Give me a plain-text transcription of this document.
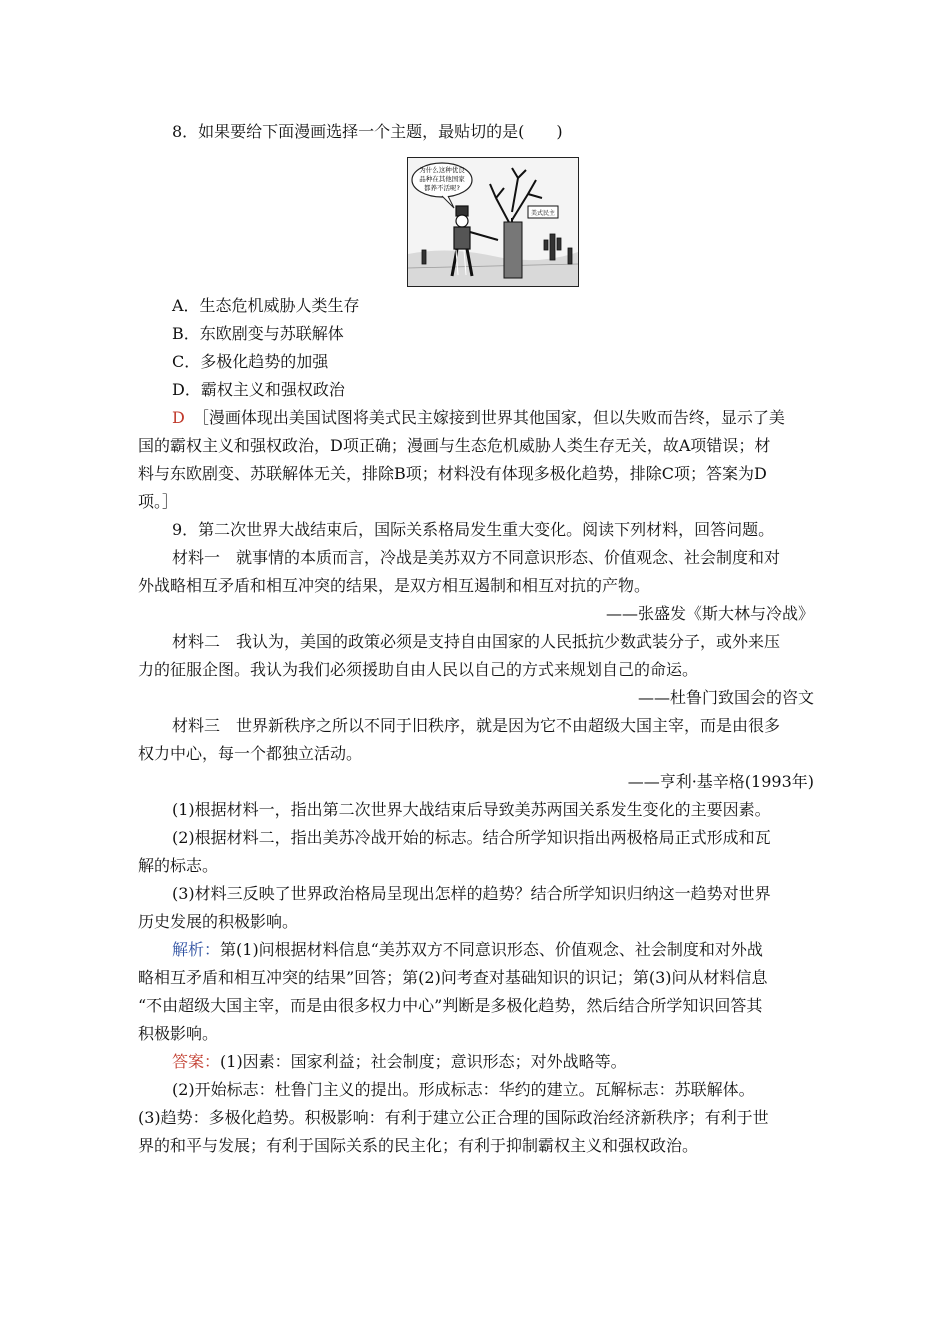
8．如果要给下面漫画选择一个主题，最贴切的是(　　)
为什么这种优良
品种在其他国家
都养不活呢?
美式民主
A．生态危机威胁人类生存
B．东欧剧变与苏联解体
C．多极化趋势的加强
D．霸权主义和强权政治
D　 ［漫画体现出美国试图将美式民主嫁接到世界其他国家，但以失败而告终，显示了美
国的霸权主义和强权政治，D项正确；漫画与生态危机威胁人类生存无关，故A项错误；材
料与东欧剧变、苏联解体无关，排除B项；材料没有体现多极化趋势，排除C项；答案为D
项。］
9．第二次世界大战结束后，国际关系格局发生重大变化。阅读下列材料，回答问题。
材料一　就事情的本质而言，冷战是美苏双方不同意识形态、价值观念、社会制度和对
外战略相互矛盾和相互冲突的结果，是双方相互遏制和相互对抗的产物。
——张盛发《斯大林与冷战》
材料二　我认为，美国的政策必须是支持自由国家的人民抵抗少数武装分子，或外来压
力的征服企图。我认为我们必须援助自由人民以自己的方式来规划自己的命运。
——杜鲁门致国会的咨文
材料三　世界新秩序之所以不同于旧秩序，就是因为它不由超级大国主宰，而是由很多
权力中心，每一个都独立活动。
——亨利·基辛格(1993年)
(1)根据材料一，指出第二次世界大战结束后导致美苏两国关系发生变化的主要因素。
(2)根据材料二，指出美苏冷战开始的标志。结合所学知识指出两极格局正式形成和瓦
解的标志。
(3)材料三反映了世界政治格局呈现出怎样的趋势？结合所学知识归纳这一趋势对世界
历史发展的积极影响。
解析：第(1)问根据材料信息“美苏双方不同意识形态、价值观念、社会制度和对外战
略相互矛盾和相互冲突的结果”回答；第(2)问考查对基础知识的识记；第(3)问从材料信息
“不由超级大国主宰，而是由很多权力中心”判断是多极化趋势，然后结合所学知识回答其
积极影响。
答案：(1)因素：国家利益；社会制度；意识形态；对外战略等。
(2)开始标志：杜鲁门主义的提出。形成标志：华约的建立。瓦解标志：苏联解体。
(3)趋势：多极化趋势。积极影响：有利于建立公正合理的国际政治经济新秩序；有利于世
界的和平与发展；有利于国际关系的民主化；有利于抑制霸权主义和强权政治。
